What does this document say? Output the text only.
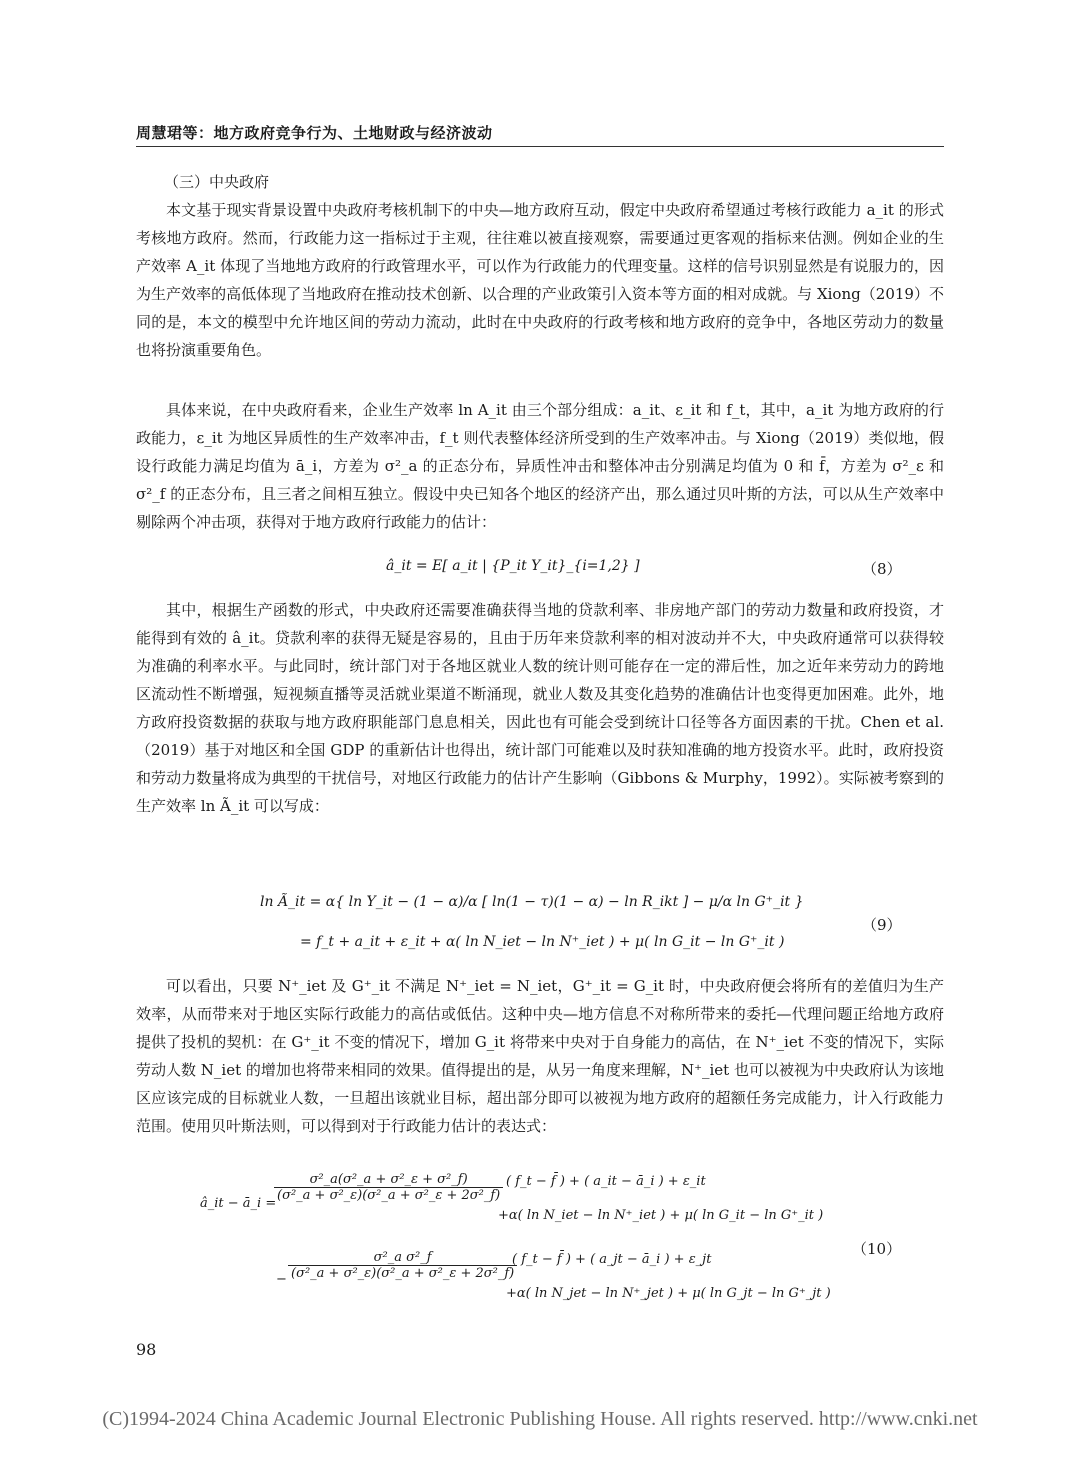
周慧珺等：地方政府竞争行为、土地财政与经济波动
（三）中央政府

本文基于现实背景设置中央政府考核机制下的中央—地方政府互动，假定中央政府希望通过考核行政能力 a_it 的形式考核地方政府。然而，行政能力这一指标过于主观，往往难以被直接观察，需要通过更客观的指标来估测。例如企业的生产效率 A_it 体现了当地地方政府的行政管理水平，可以作为行政能力的代理变量。这样的信号识别显然是有说服力的，因为生产效率的高低体现了当地政府在推动技术创新、以合理的产业政策引入资本等方面的相对成就。与 Xiong（2019）不同的是，本文的模型中允许地区间的劳动力流动，此时在中央政府的行政考核和地方政府的竞争中，各地区劳动力的数量也将扮演重要角色。

具体来说，在中央政府看来，企业生产效率 ln A_it 由三个部分组成：a_it、ε_it 和 f_t，其中，a_it 为地方政府的行政能力，ε_it 为地区异质性的生产效率冲击，f_t 则代表整体经济所受到的生产效率冲击。与 Xiong（2019）类似地，假设行政能力满足均值为 ā_i，方差为 σ²_a 的正态分布，异质性冲击和整体冲击分别满足均值为 0 和 f̄，方差为 σ²_ε 和 σ²_f 的正态分布，且三者之间相互独立。假设中央已知各个地区的经济产出，那么通过贝叶斯的方法，可以从生产效率中剔除两个冲击项，获得对于地方政府行政能力的估计：

â_it = E[ a_it | {P_it Y_it}_{i=1,2} ]	（8）

其中，根据生产函数的形式，中央政府还需要准确获得当地的贷款利率、非房地产部门的劳动力数量和政府投资，才能得到有效的 â_it。贷款利率的获得无疑是容易的，且由于历年来贷款利率的相对波动并不大，中央政府通常可以获得较为准确的利率水平。与此同时，统计部门对于各地区就业人数的统计则可能存在一定的滞后性，加之近年来劳动力的跨地区流动性不断增强，短视频直播等灵活就业渠道不断涌现，就业人数及其变化趋势的准确估计也变得更加困难。此外，地方政府投资数据的获取与地方政府职能部门息息相关，因此也有可能会受到统计口径等各方面因素的干扰。Chen et al.（2019）基于对地区和全国 GDP 的重新估计也得出，统计部门可能难以及时获知准确的地方投资水平。此时，政府投资和劳动力数量将成为典型的干扰信号，对地区行政能力的估计产生影响（Gibbons & Murphy，1992）。实际被考察到的生产效率 ln Ã_it 可以写成：

ln Ã_it = α{ ln Y_it − (1 − α)/α [ ln(1 − τ)(1 − α) − ln R_ikt ] − μ/α ln G⁺_it }
= f_t + a_it + ε_it + α( ln N_iet − ln N⁺_iet ) + μ( ln G_it − ln G⁺_it )
（9）

可以看出，只要 N⁺_iet 及 G⁺_it 不满足 N⁺_iet = N_iet，G⁺_it = G_it 时，中央政府便会将所有的差值归为生产效率，从而带来对于地区实际行政能力的高估或低估。这种中央—地方信息不对称所带来的委托—代理问题正给地方政府提供了投机的契机：在 G⁺_it 不变的情况下，增加 G_it 将带来中央对于自身能力的高估，在 N⁺_iet 不变的情况下，实际劳动人数 N_iet 的增加也将带来相同的效果。值得提出的是，从另一角度来理解，N⁺_iet 也可以被视为中央政府认为该地区应该完成的目标就业人数，一旦超出该就业目标，超出部分即可以被视为地方政府的超额任务完成能力，计入行政能力范围。使用贝叶斯法则，可以得到对于行政能力估计的表达式：

â_it − ā_i =
$\frac{\text{σ²\_a(σ²\_a + σ²\_ε + σ²\_f)}}{\text{(σ²\_a + σ²\_ε)(σ²\_a + σ²\_ε + 2σ²\_f)}}$ ( f_t − f̄ ) + ( a_it − ā_i ) + ε_it
+α( ln N_iet − ln N⁺_iet ) + μ( ln G_it − ln G⁺_it )
− $\frac{\text{σ²\_a σ²\_f}}{\text{(σ²\_a + σ²\_ε)(σ²\_a + σ²\_ε + 2σ²\_f)}}$
( f_t − f̄ ) + ( a_jt − ā_i ) + ε_jt
+α( ln N_jet − ln N⁺_jet ) + μ( ln G_jt − ln G⁺_jt )
（10）
98
(C)1994-2024 China Academic Journal Electronic Publishing House. All rights reserved. http://www.cnki.net
